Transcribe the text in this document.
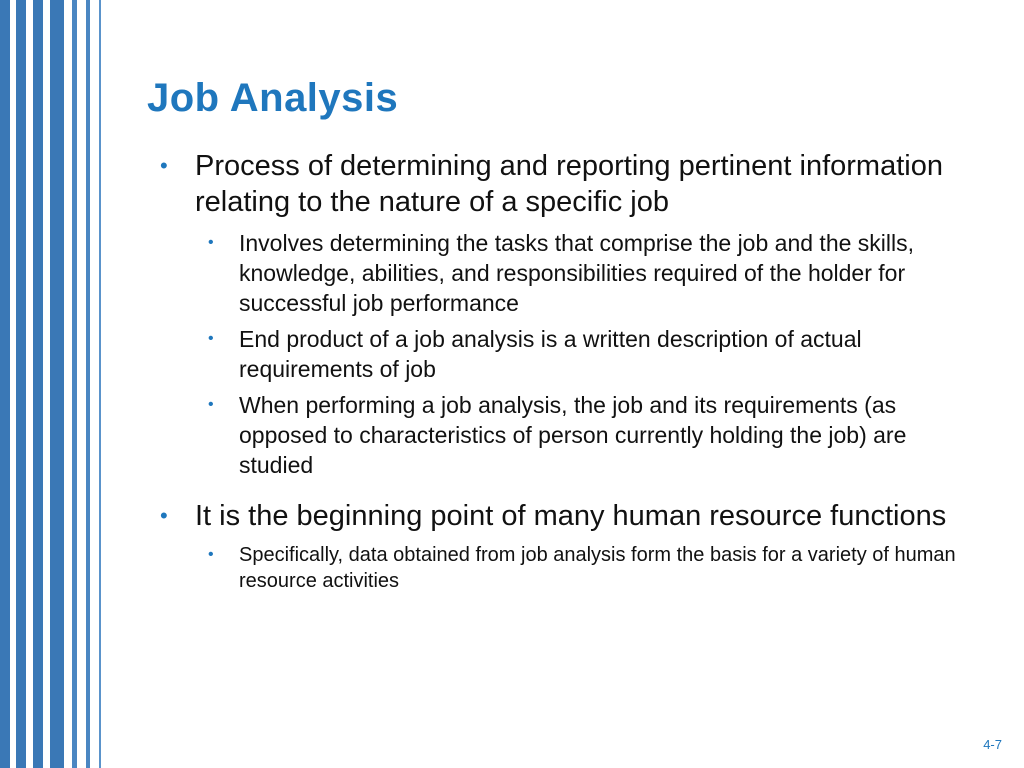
Job Analysis
• Process of determining and reporting pertinent information relating to the nature of a specific job
• Involves determining the tasks that comprise the job and the skills, knowledge, abilities, and responsibilities required of the holder for successful job performance
• End product of a job analysis is a written description of actual requirements of job
• When performing a job analysis, the job and its requirements (as opposed to characteristics of person currently holding the job) are studied
• It is the beginning point of many human resource functions
• Specifically, data obtained from job analysis form the basis for a variety of human resource activities
4-7
